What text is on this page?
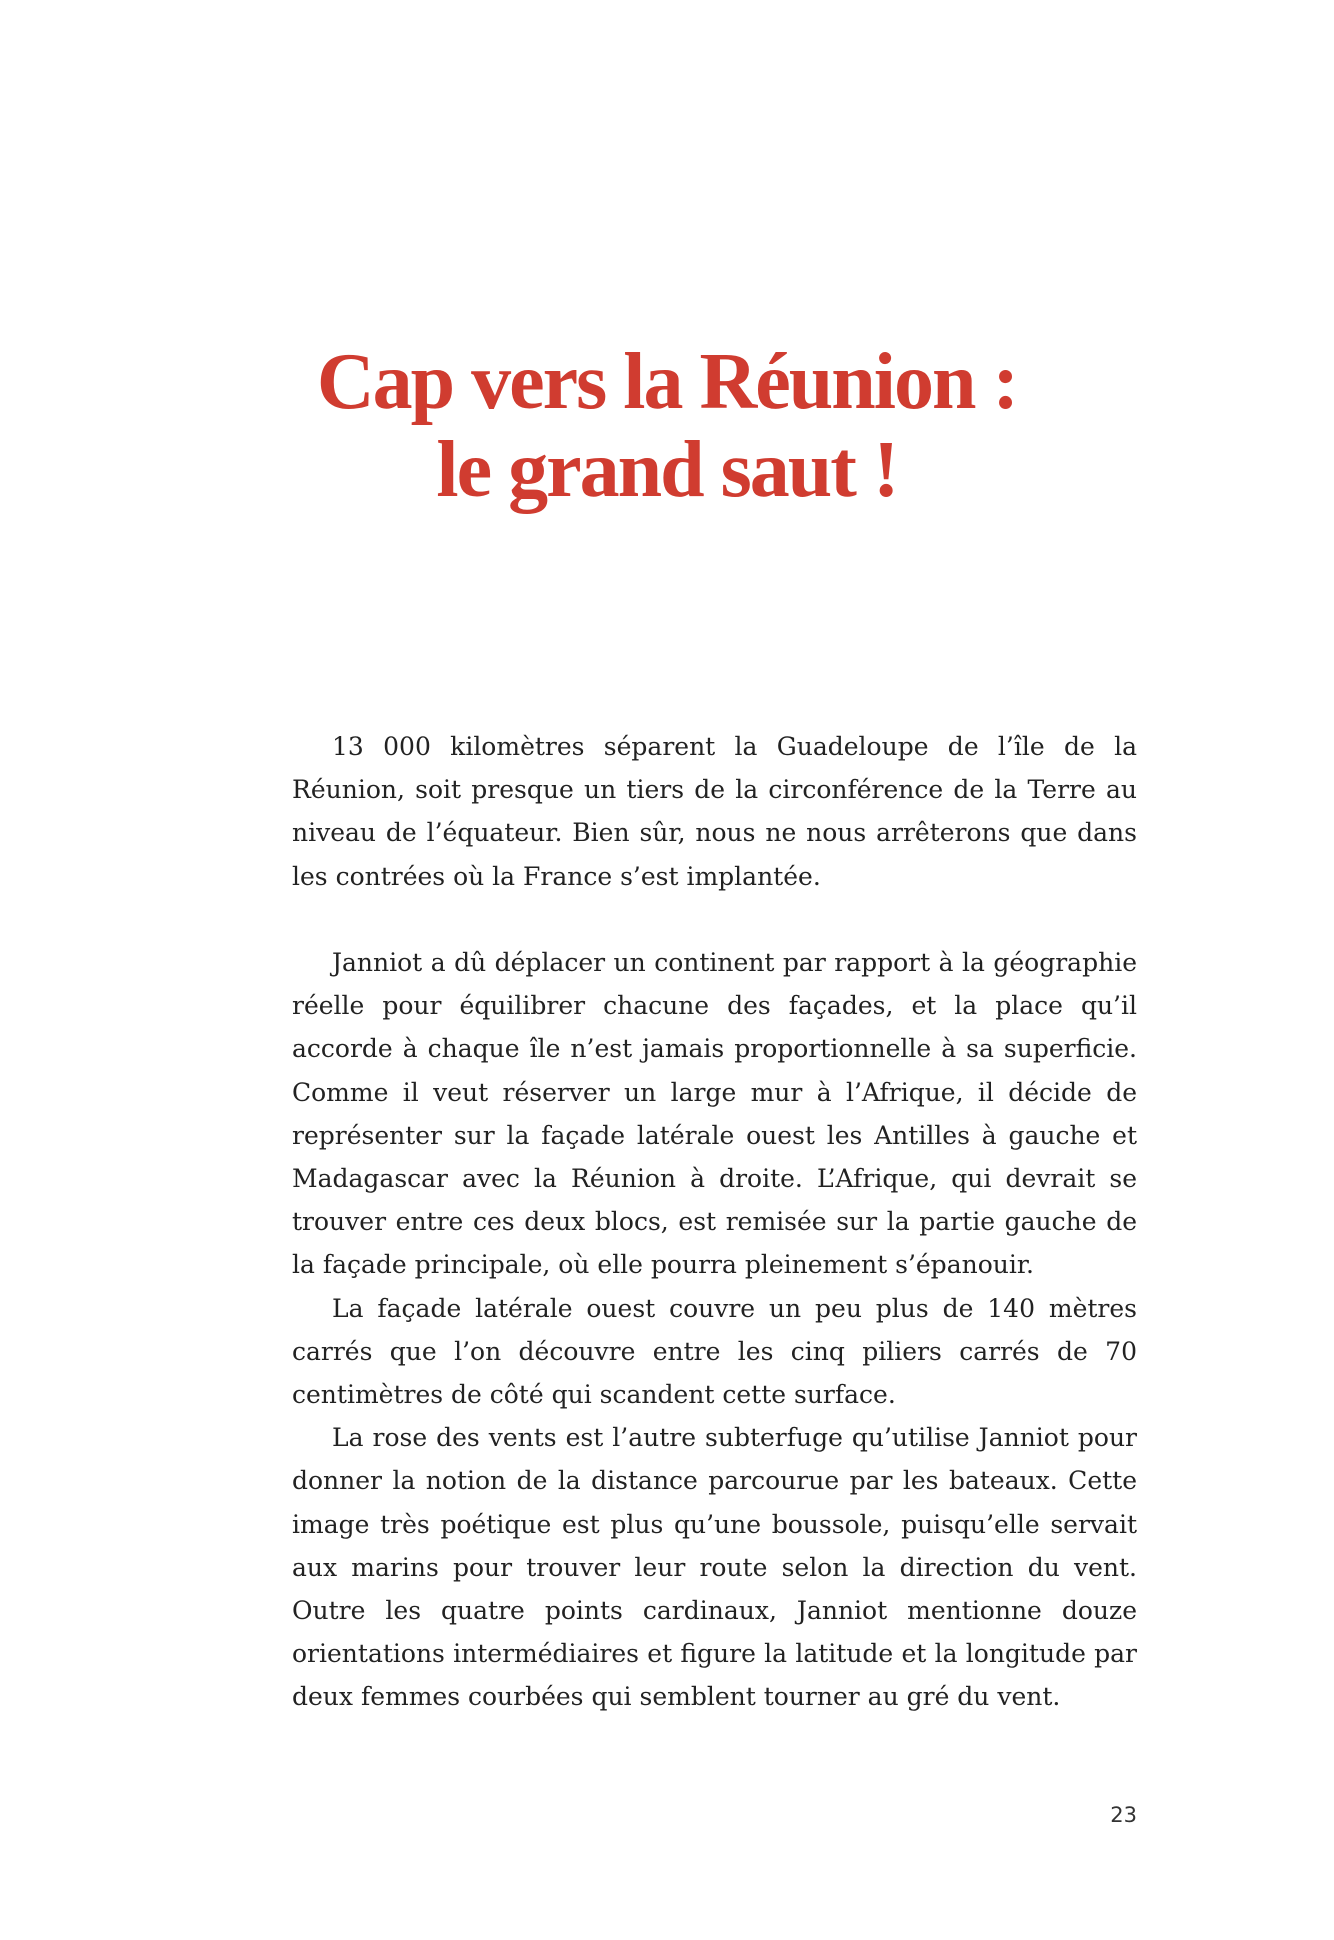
Cap vers la Réunion :
le grand saut !

13 000 kilomètres séparent la Guadeloupe de l’île de la Réunion, soit presque un tiers de la circonférence de la Terre au niveau de l’équateur. Bien sûr, nous ne nous arrêterons que dans les contrées où la France s’est implantée.

Janniot a dû déplacer un continent par rapport à la géographie réelle pour équilibrer chacune des façades, et la place qu’il accorde à chaque île n’est jamais proportionnelle à sa superficie. Comme il veut réserver un large mur à l’Afrique, il décide de représenter sur la façade latérale ouest les Antilles à gauche et Madagascar avec la Réunion à droite. L’Afrique, qui devrait se trouver entre ces deux blocs, est remisée sur la partie gauche de la façade principale, où elle pourra pleinement s’épanouir.

La façade latérale ouest couvre un peu plus de 140 mètres carrés que l’on découvre entre les cinq piliers carrés de 70 centimètres de côté qui scandent cette surface.

La rose des vents est l’autre subterfuge qu’utilise Janniot pour donner la notion de la distance parcourue par les bateaux. Cette image très poétique est plus qu’une boussole, puisqu’elle servait aux marins pour trouver leur route selon la direction du vent. Outre les quatre points cardinaux, Janniot mentionne douze orientations intermédiaires et figure la latitude et la longitude par deux femmes courbées qui semblent tourner au gré du vent.

23
